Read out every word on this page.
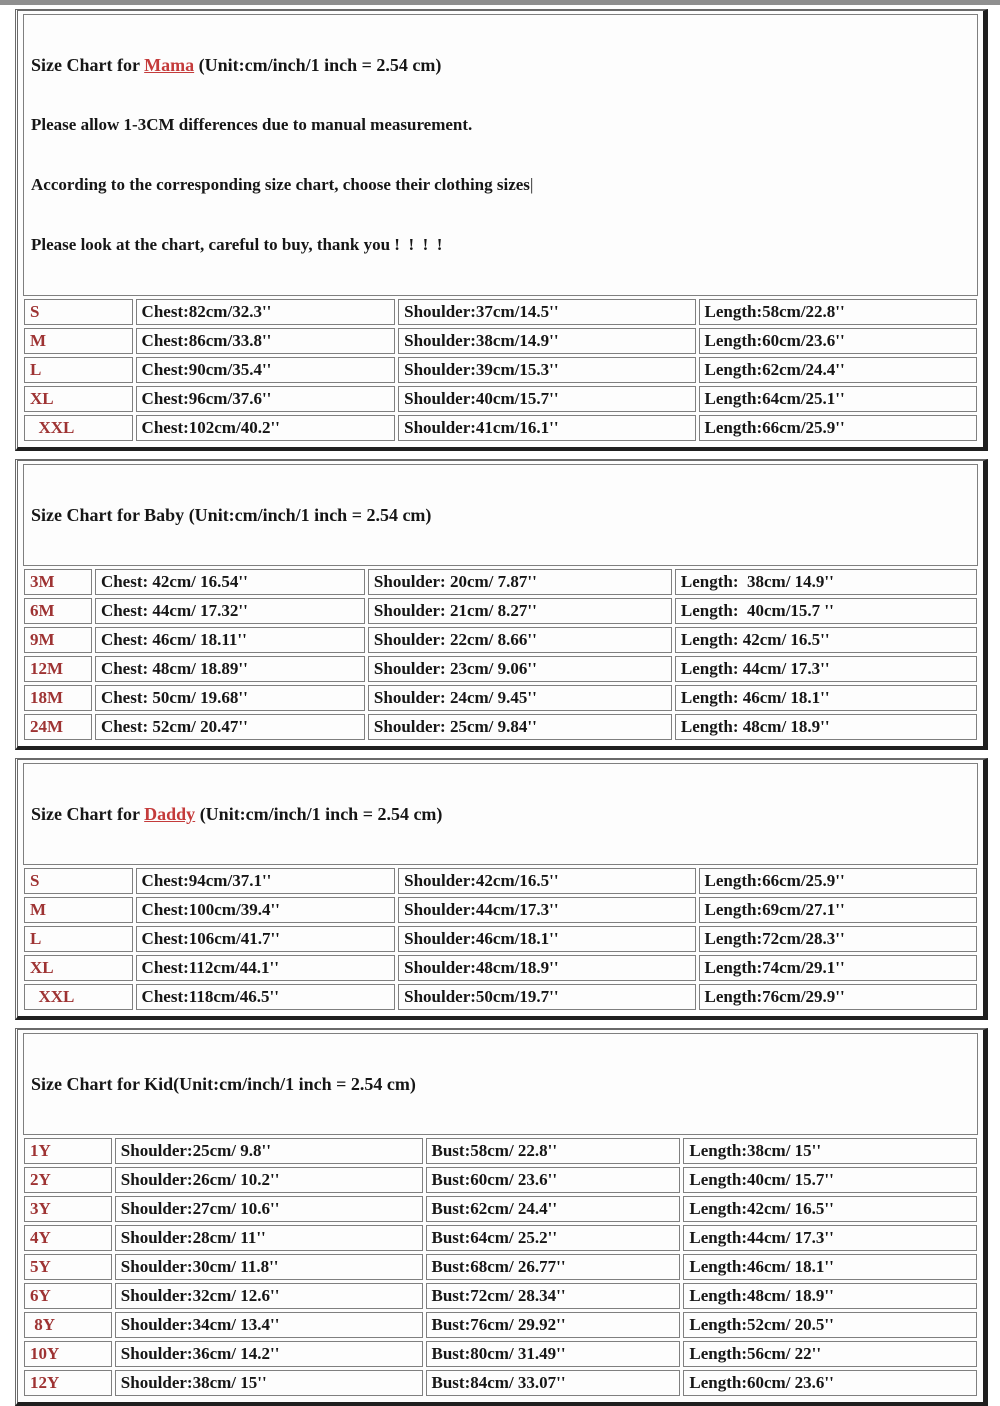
Size Chart for Mama (Unit:cm/inch/1 inch = 2.54 cm)

Please allow 1-3CM differences due to manual measurement.

According to the corresponding size chart, choose their clothing sizes|

Please look at the chart, careful to buy, thank you !  !  !  !

S	Chest:82cm/32.3''	Shoulder:37cm/14.5''	Length:58cm/22.8''
M	Chest:86cm/33.8''	Shoulder:38cm/14.9''	Length:60cm/23.6''
L	Chest:90cm/35.4''	Shoulder:39cm/15.3''	Length:62cm/24.4''
XL	Chest:96cm/37.6''	Shoulder:40cm/15.7''	Length:64cm/25.1''
XXL	Chest:102cm/40.2''	Shoulder:41cm/16.1''	Length:66cm/25.9''

Size Chart for Baby (Unit:cm/inch/1 inch = 2.54 cm)

3M	Chest: 42cm/ 16.54''	Shoulder: 20cm/ 7.87''	Length:  38cm/ 14.9''
6M	Chest: 44cm/ 17.32''	Shoulder: 21cm/ 8.27''	Length:  40cm/15.7 ''
9M	Chest: 46cm/ 18.11''	Shoulder: 22cm/ 8.66''	Length: 42cm/ 16.5''
12M	Chest: 48cm/ 18.89''	Shoulder: 23cm/ 9.06''	Length: 44cm/ 17.3''
18M	Chest: 50cm/ 19.68''	Shoulder: 24cm/ 9.45''	Length: 46cm/ 18.1''
24M	Chest: 52cm/ 20.47''	Shoulder: 25cm/ 9.84''	Length: 48cm/ 18.9''

Size Chart for Daddy (Unit:cm/inch/1 inch = 2.54 cm)

S	Chest:94cm/37.1''	Shoulder:42cm/16.5''	Length:66cm/25.9''
M	Chest:100cm/39.4''	Shoulder:44cm/17.3''	Length:69cm/27.1''
L	Chest:106cm/41.7''	Shoulder:46cm/18.1''	Length:72cm/28.3''
XL	Chest:112cm/44.1''	Shoulder:48cm/18.9''	Length:74cm/29.1''
XXL	Chest:118cm/46.5''	Shoulder:50cm/19.7''	Length:76cm/29.9''

Size Chart for Kid(Unit:cm/inch/1 inch = 2.54 cm)

1Y	Shoulder:25cm/ 9.8''	Bust:58cm/ 22.8''	Length:38cm/ 15''
2Y	Shoulder:26cm/ 10.2''	Bust:60cm/ 23.6''	Length:40cm/ 15.7''
3Y	Shoulder:27cm/ 10.6''	Bust:62cm/ 24.4''	Length:42cm/ 16.5''
4Y	Shoulder:28cm/ 11''	Bust:64cm/ 25.2''	Length:44cm/ 17.3''
5Y	Shoulder:30cm/ 11.8''	Bust:68cm/ 26.77''	Length:46cm/ 18.1''
6Y	Shoulder:32cm/ 12.6''	Bust:72cm/ 28.34''	Length:48cm/ 18.9''
8Y	Shoulder:34cm/ 13.4''	Bust:76cm/ 29.92''	Length:52cm/ 20.5''
10Y	Shoulder:36cm/ 14.2''	Bust:80cm/ 31.49''	Length:56cm/ 22''
12Y	Shoulder:38cm/ 15''	Bust:84cm/ 33.07''	Length:60cm/ 23.6''
